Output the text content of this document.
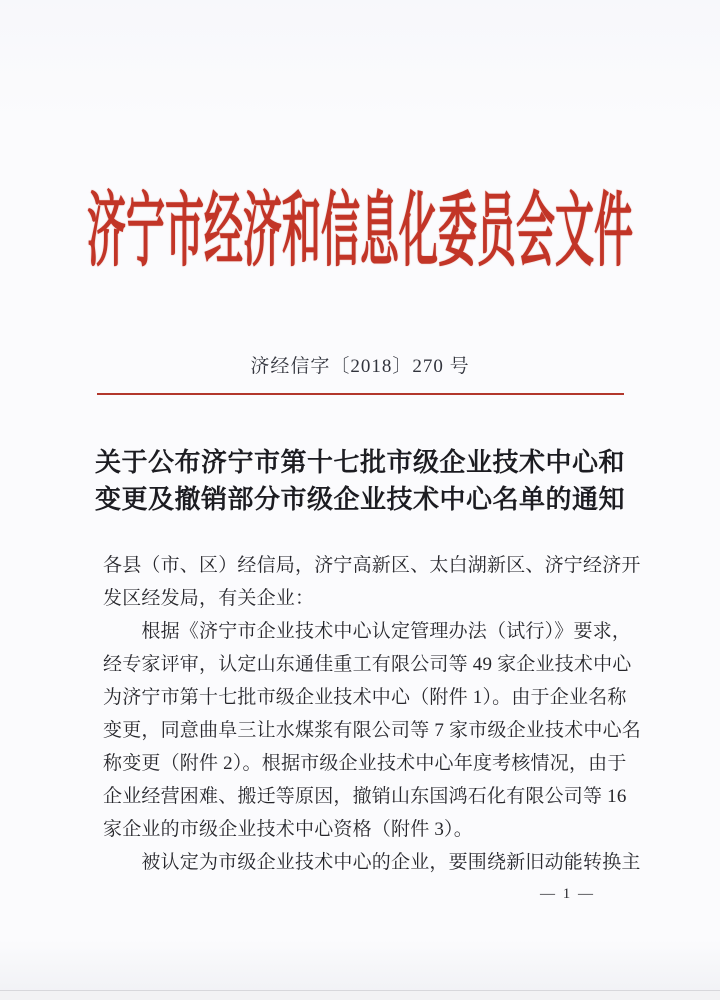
济宁市经济和信息化委员会文件
济经信字〔2018〕270 号
关于公布济宁市第十七批市级企业技术中心和
变更及撤销部分市级企业技术中心名单的通知
各县（市、区）经信局，济宁高新区、太白湖新区、济宁经济开
发区经发局，有关企业：
　　根据《济宁市企业技术中心认定管理办法（试行）》要求，
经专家评审，认定山东通佳重工有限公司等 49 家企业技术中心
为济宁市第十七批市级企业技术中心（附件 1）。由于企业名称
变更，同意曲阜三让水煤浆有限公司等 7 家市级企业技术中心名
称变更（附件 2）。根据市级企业技术中心年度考核情况，由于
企业经营困难、搬迁等原因，撤销山东国鸿石化有限公司等 16
家企业的市级企业技术中心资格（附件 3）。
　　被认定为市级企业技术中心的企业，要围绕新旧动能转换主
— 1 —
